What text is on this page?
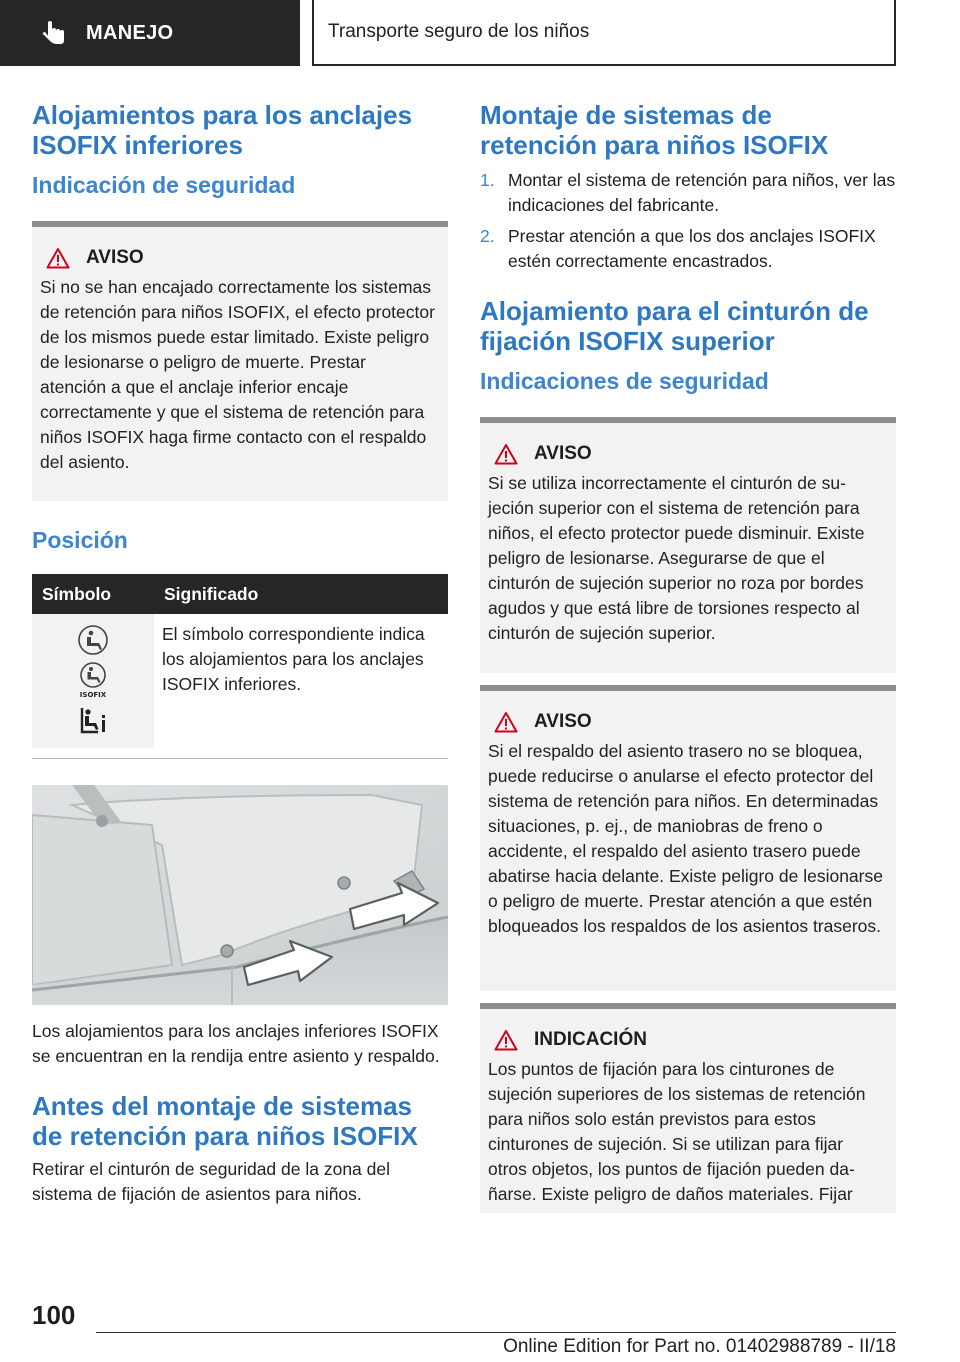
MANEJO	Transporte seguro de los niños
Alojamientos para los anclajes ISOFIX inferiores
Indicación de seguridad
AVISO

Si no se han encajado correctamente los sistemas de retención para niños ISOFIX, el efecto protector de los mismos puede estar limitado. Existe peligro de lesionarse o peligro de muerte. Prestar atención a que el anclaje inferior encaje correctamente y que el sistema de retención para niños ISOFIX haga firme contacto con el respaldo del asiento.

Posición
Símbolo	Significado

ISOFIX	El símbolo correspondiente indica los alojamientos para los anclajes ISOFIX inferiores.

Los alojamientos para los anclajes inferiores ISOFIX se encuentran en la rendija entre asiento y respaldo.

Antes del montaje de sistemas de retención para niños ISOFIX

Retirar el cinturón de seguridad de la zona del sistema de fijación de asientos para niños.

Montaje de sistemas de retención para niños ISOFIX
1. Montar el sistema de retención para niños, ver las indicaciones del fabricante.
2. Prestar atención a que los dos anclajes ISOFIX estén correctamente encastrados.
Alojamiento para el cinturón de fijación ISOFIX superior
Indicaciones de seguridad
AVISO

Si se utiliza incorrectamente el cinturón de sujeción superior con el sistema de retención para niños, el efecto protector puede disminuir. Existe peligro de lesionarse. Asegurarse de que el cinturón de sujeción superior no roza por bordes agudos y que está libre de torsiones respecto al cinturón de sujeción superior.

AVISO

Si el respaldo del asiento trasero no se bloquea, puede reducirse o anularse el efecto protector del sistema de retención para niños. En determinadas situaciones, p. ej., de maniobras de freno o accidente, el respaldo del asiento trasero puede abatirse hacia delante. Existe peligro de lesionarse o peligro de muerte. Prestar atención a que estén bloqueados los respaldos de los asientos traseros.

INDICACIÓN

Los puntos de fijación para los cinturones de sujeción superiores de los sistemas de retención para niños solo están previstos para estos cinturones de sujeción. Si se utilizan para fijar otros objetos, los puntos de fijación pueden dañarse. Existe peligro de daños materiales. Fijar

100
Online Edition for Part no. 01402988789 - II/18
